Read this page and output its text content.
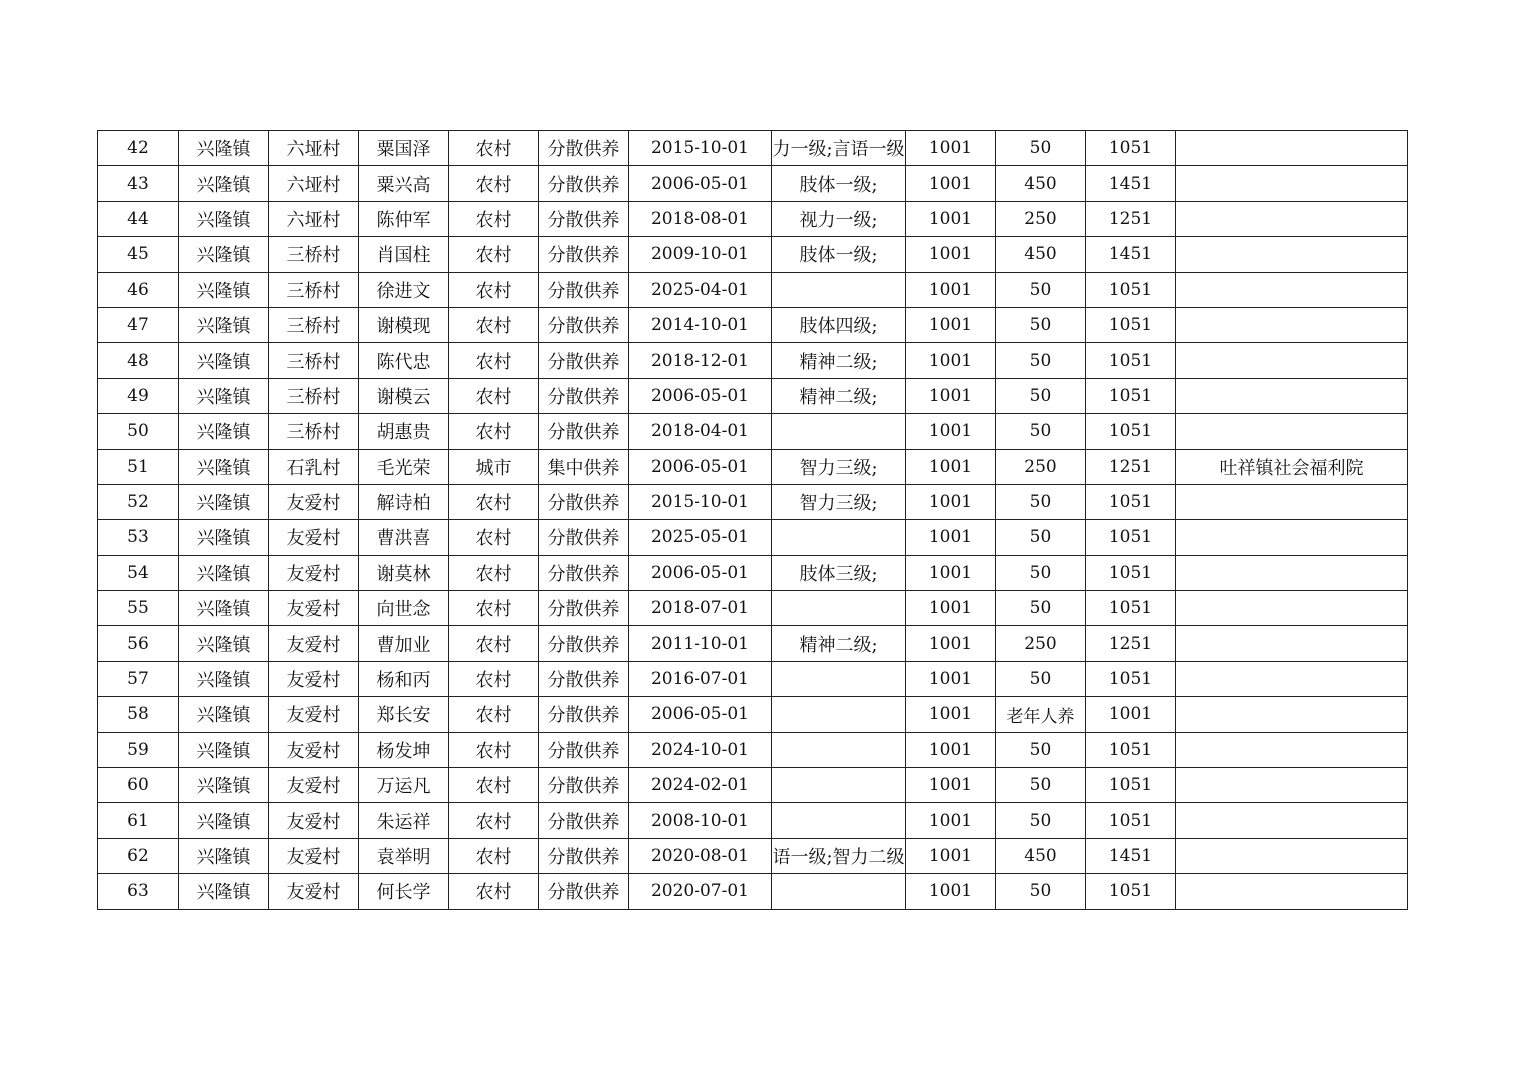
42	兴隆镇	六垭村	粟国泽	农村	分散供养	2015-10-01	力一级;言语一级	1001	50	1051	
43	兴隆镇	六垭村	粟兴高	农村	分散供养	2006-05-01	肢体一级;	1001	450	1451	
44	兴隆镇	六垭村	陈仲军	农村	分散供养	2018-08-01	视力一级;	1001	250	1251	
45	兴隆镇	三桥村	肖国柱	农村	分散供养	2009-10-01	肢体一级;	1001	450	1451	
46	兴隆镇	三桥村	徐进文	农村	分散供养	2025-04-01		1001	50	1051	
47	兴隆镇	三桥村	谢模现	农村	分散供养	2014-10-01	肢体四级;	1001	50	1051	
48	兴隆镇	三桥村	陈代忠	农村	分散供养	2018-12-01	精神二级;	1001	50	1051	
49	兴隆镇	三桥村	谢模云	农村	分散供养	2006-05-01	精神二级;	1001	50	1051	
50	兴隆镇	三桥村	胡惠贵	农村	分散供养	2018-04-01		1001	50	1051	
51	兴隆镇	石乳村	毛光荣	城市	集中供养	2006-05-01	智力三级;	1001	250	1251	吐祥镇社会福利院
52	兴隆镇	友爱村	解诗柏	农村	分散供养	2015-10-01	智力三级;	1001	50	1051	
53	兴隆镇	友爱村	曹洪喜	农村	分散供养	2025-05-01		1001	50	1051	
54	兴隆镇	友爱村	谢莫林	农村	分散供养	2006-05-01	肢体三级;	1001	50	1051	
55	兴隆镇	友爱村	向世念	农村	分散供养	2018-07-01		1001	50	1051	
56	兴隆镇	友爱村	曹加业	农村	分散供养	2011-10-01	精神二级;	1001	250	1251	
57	兴隆镇	友爱村	杨和丙	农村	分散供养	2016-07-01		1001	50	1051	
58	兴隆镇	友爱村	郑长安	农村	分散供养	2006-05-01		1001	老年人养	1001	
59	兴隆镇	友爱村	杨发坤	农村	分散供养	2024-10-01		1001	50	1051	
60	兴隆镇	友爱村	万运凡	农村	分散供养	2024-02-01		1001	50	1051	
61	兴隆镇	友爱村	朱运祥	农村	分散供养	2008-10-01		1001	50	1051	
62	兴隆镇	友爱村	袁举明	农村	分散供养	2020-08-01	语一级;智力二级	1001	450	1451	
63	兴隆镇	友爱村	何长学	农村	分散供养	2020-07-01		1001	50	1051	
